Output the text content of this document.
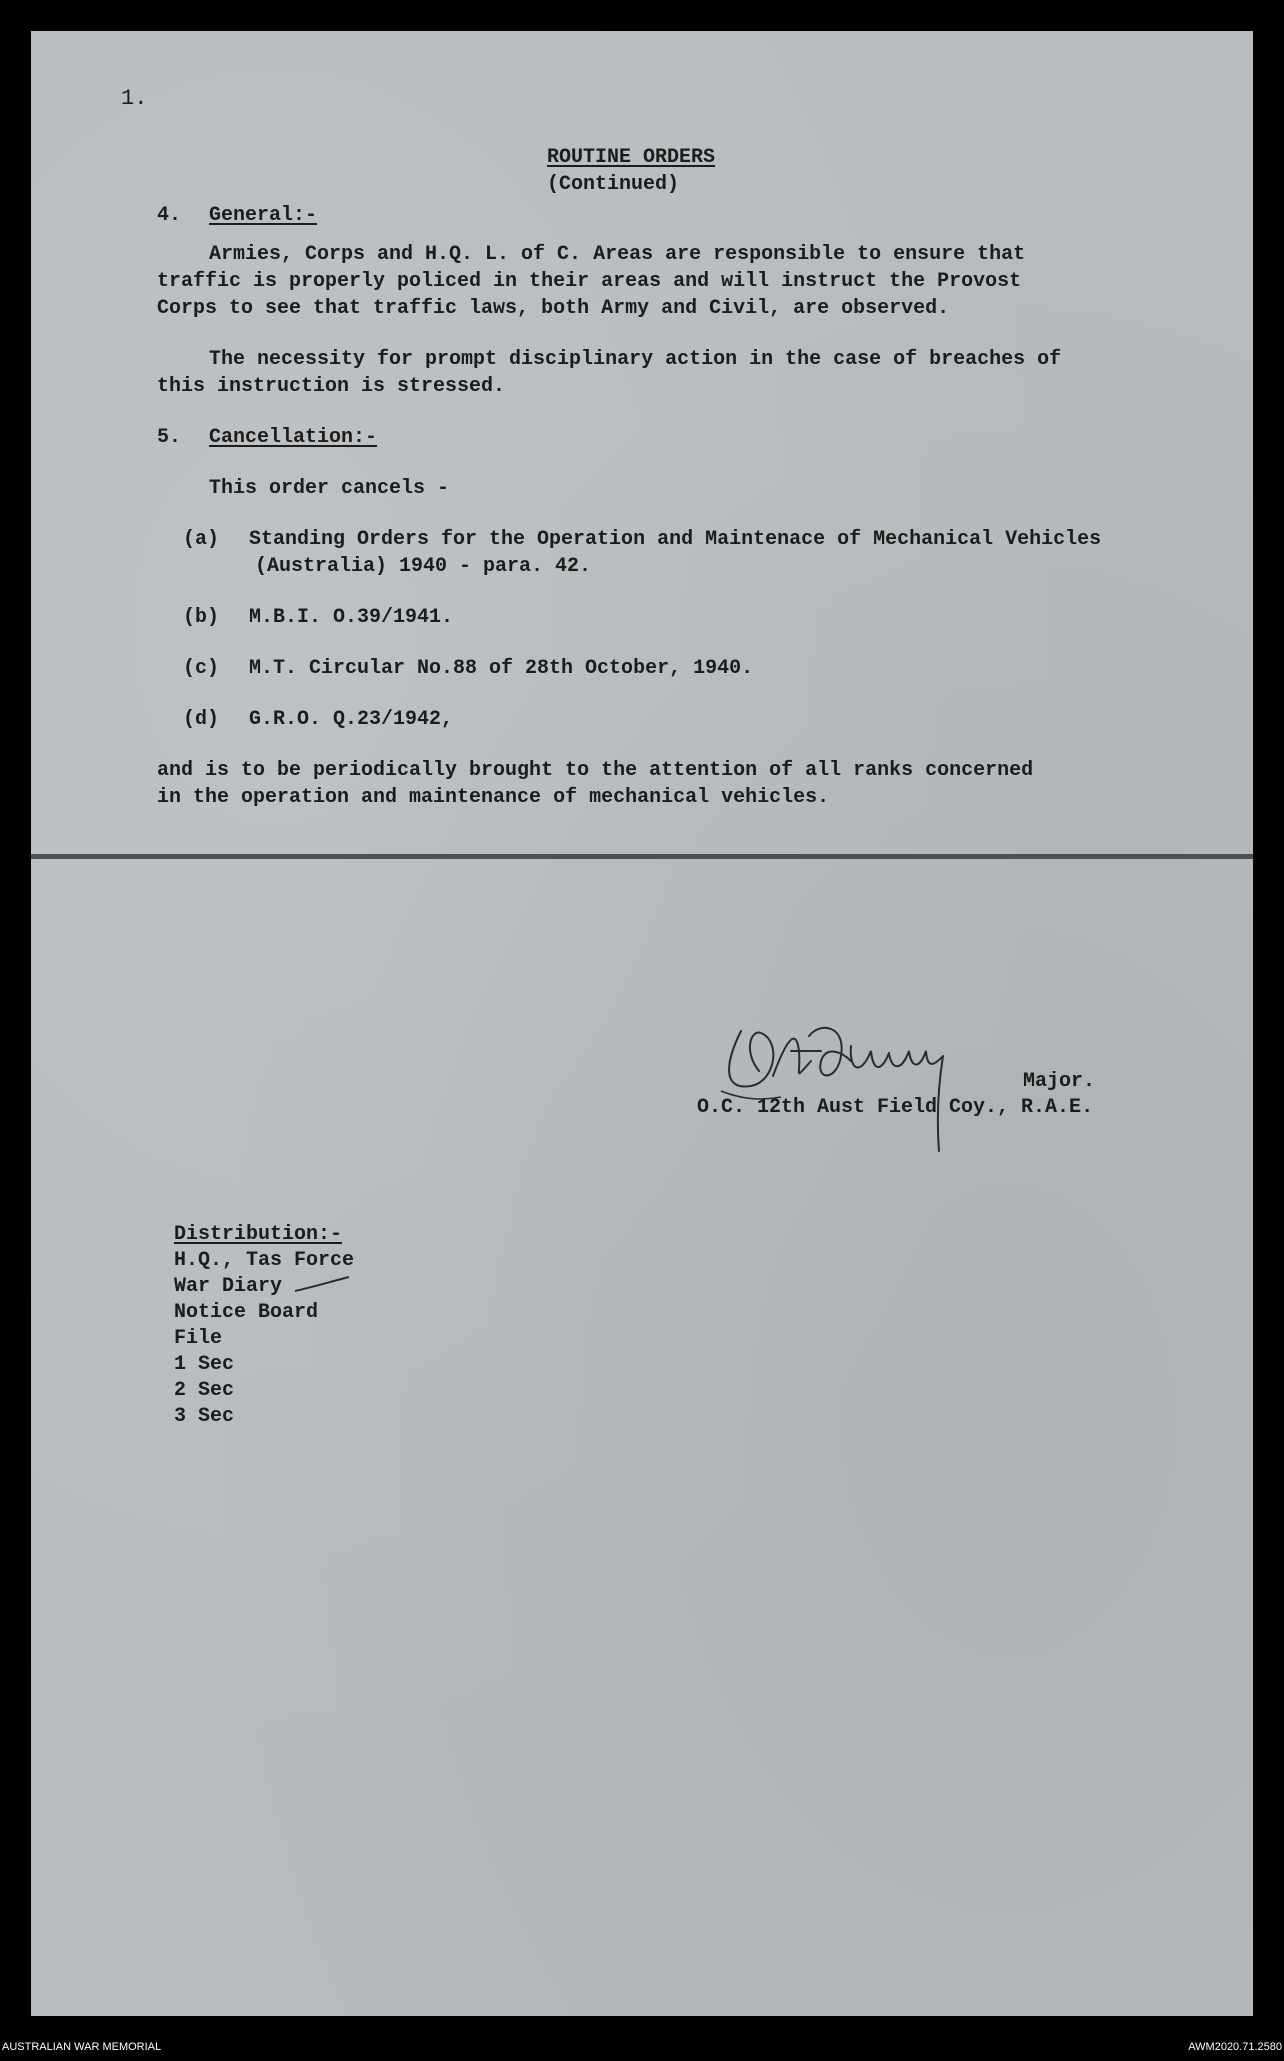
1.

ROUTINE ORDERS
(Continued)

4. General:-
Armies, Corps and H.Q. L. of C. Areas are responsible to ensure that
traffic is properly policed in their areas and will instruct the Provost
Corps to see that traffic laws, both Army and Civil, are observed.
The necessity for prompt disciplinary action in the case of breaches of
this instruction is stressed.
5. Cancellation:-
This order cancels -
(a) Standing Orders for the Operation and Maintenace of Mechanical Vehicles
(Australia) 1940 - para. 42.
(b) M.B.I. O.39/1941.
(c) M.T. Circular No.88 of 28th October, 1940.
(d) G.R.O. Q.23/1942,
and is to be periodically brought to the attention of all ranks concerned
in the operation and maintenance of mechanical vehicles.
Major.
O.C. 12th Aust Field Coy., R.A.E.
Distribution:-
H.Q., Tas Force
War Diary
Notice Board
File
1 Sec
2 Sec
3 Sec
AUSTRALIAN WAR MEMORIAL	AWM2020.71.2580
